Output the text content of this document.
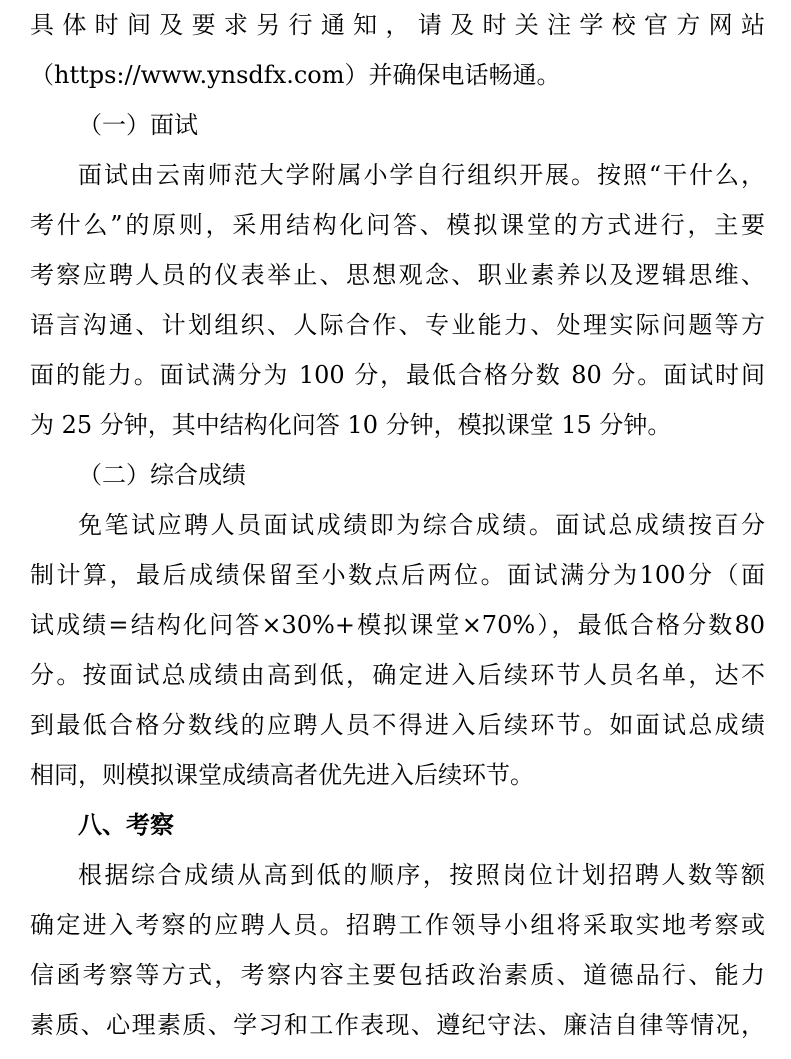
具体时间及要求另行通知，请及时关注学校官方网站
（https://www.ynsdfx.com）并确保电话畅通。
（一）面试
面试由云南师范大学附属小学自行组织开展。按照“干什么，
考什么”的原则，采用结构化问答、模拟课堂的方式进行，主要
考察应聘人员的仪表举止、思想观念、职业素养以及逻辑思维、
语言沟通、计划组织、人际合作、专业能力、处理实际问题等方
面的能力。面试满分为 100 分，最低合格分数 80 分。面试时间
为 25 分钟，其中结构化问答 10 分钟，模拟课堂 15 分钟。
（二）综合成绩
免笔试应聘人员面试成绩即为综合成绩。面试总成绩按百分
制计算，最后成绩保留至小数点后两位。面试满分为100分（面
试成绩=结构化问答×30%+模拟课堂×70%），最低合格分数80
分。按面试总成绩由高到低，确定进入后续环节人员名单，达不
到最低合格分数线的应聘人员不得进入后续环节。如面试总成绩
相同，则模拟课堂成绩高者优先进入后续环节。
八、考察
根据综合成绩从高到低的顺序，按照岗位计划招聘人数等额
确定进入考察的应聘人员。招聘工作领导小组将采取实地考察或
信函考察等方式，考察内容主要包括政治素质、道德品行、能力
素质、心理素质、学习和工作表现、遵纪守法、廉洁自律等情况，
